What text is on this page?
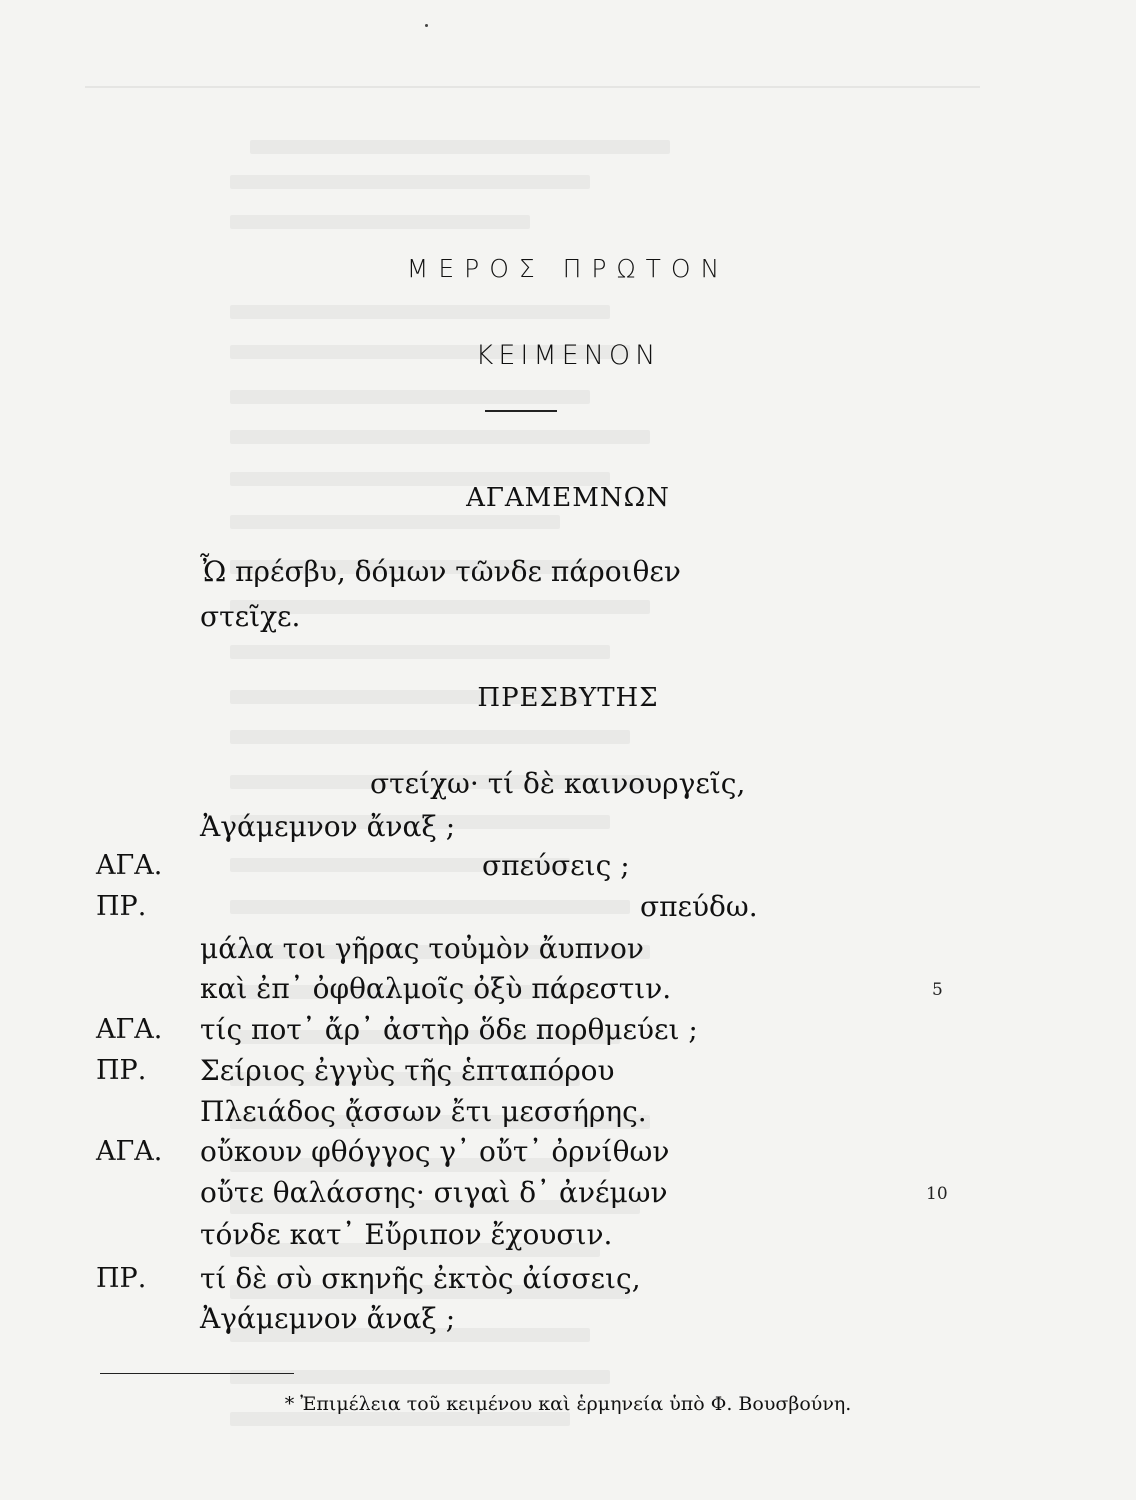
ΜΕΡΟΣ ΠΡΩΤΟΝ
ΚΕΙΜΕΝΟΝ
ΑΓΑΜΕΜΝΩΝ
Ὦ πρέσβυ, δόμων τῶνδε πάροιθεν
στεῖχε.
ΠΡΕΣΒΥΤΗΣ
στείχω· τί δὲ καινουργεῖς,
Ἀγάμεμνον ἄναξ ;
ΑΓΑ.	σπεύσεις ;
ΠΡ.	σπεύδω.
μάλα τοι γῆρας τοὐμὸν ἄυπνον
καὶ ἐπ᾿ ὀφθαλμοῖς ὀξὺ πάρεστιν.	5
ΑΓΑ. τίς ποτ᾿ ἄρ᾿ ἀστὴρ ὅδε πορθμεύει ;
ΠΡ. Σείριος ἐγγὺς τῆς ἑπταπόρου
Πλειάδος ᾄσσων ἔτι μεσσήρης.
ΑΓΑ. οὔκουν φθόγγος γ᾿ οὔτ᾿ ὀρνίθων
οὔτε θαλάσσης· σιγαὶ δ᾿ ἀνέμων	10
τόνδε κατ᾿ Εὔριπον ἔχουσιν.
ΠΡ. τί δὲ σὺ σκηνῆς ἐκτὸς ἀίσσεις,
Ἀγάμεμνον ἄναξ ;
* Ἐπιμέλεια τοῦ κειμένου καὶ ἑρμηνεία ὑπὸ Φ. Βουσβούνη.
